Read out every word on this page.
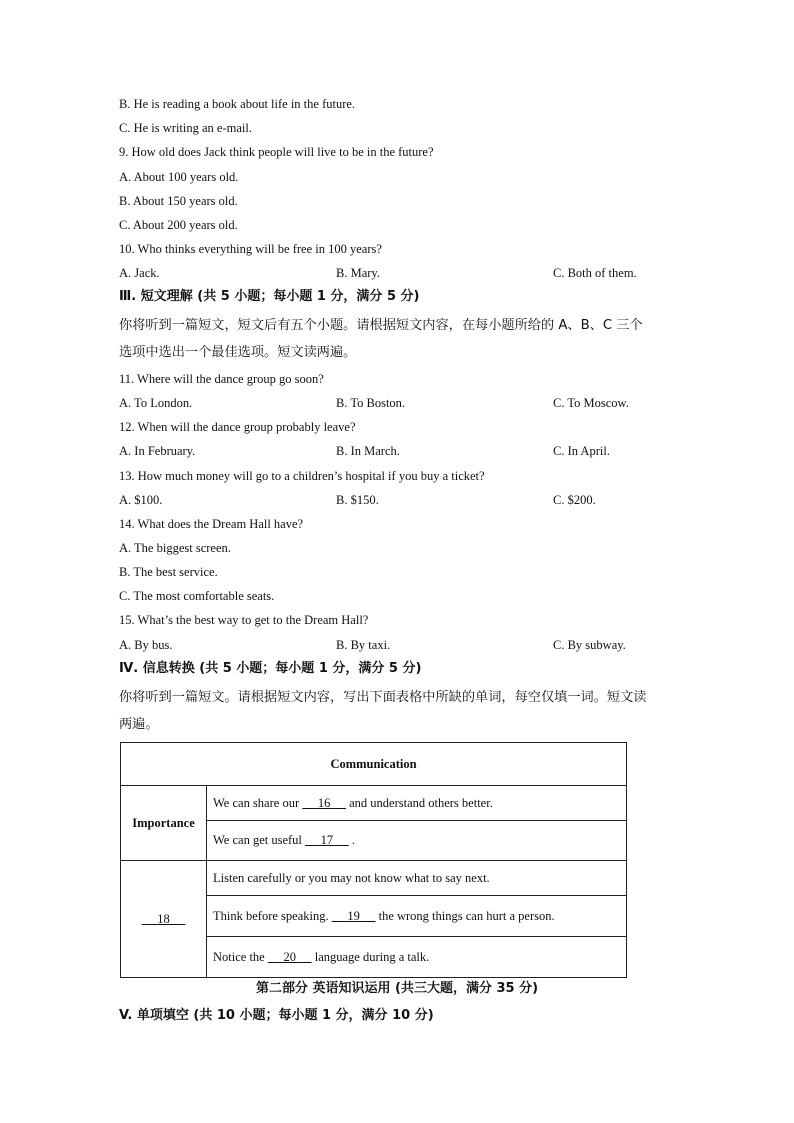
B. He is reading a book about life in the future.
C. He is writing an e-mail.
9. How old does Jack think people will live to be in the future?
A. About 100 years old.
B. About 150 years old.
C. About 200 years old.
10. Who thinks everything will be free in 100 years?
A. Jack.	B. Mary.	C. Both of them.
Ⅲ. 短文理解 (共 5 小题；每小题 1 分，满分 5 分)
你将听到一篇短文，短文后有五个小题。请根据短文内容，在每小题所给的 A、B、C 三个
选项中选出一个最佳选项。短文读两遍。
11. Where will the dance group go soon?
A. To London.	B. To Boston.	C. To Moscow.
12. When will the dance group probably leave?
A. In February.	B. In March.	C. In April.
13. How much money will go to a children’s hospital if you buy a ticket?
A. $100.	B. $150.	C. $200.
14. What does the Dream Hall have?
A. The biggest screen.
B. The best service.
C. The most comfortable seats.
15. What’s the best way to get to the Dream Hall?
A. By bus.	B. By taxi.	C. By subway.
Ⅳ. 信息转换 (共 5 小题；每小题 1 分，满分 5 分)
你将听到一篇短文。请根据短文内容，写出下面表格中所缺的单词，每空仅填一词。短文读
两遍。
Communication	
Importance	We can share our      16      and understand others better.
	We can get useful      17      .
18	Listen carefully or you may not know what to say next.
	Think before speaking.      19      the wrong things can hurt a person.
	Notice the      20      language during a talk.
第二部分 英语知识运用 (共三大题，满分 35 分)
V. 单项填空 (共 10 小题；每小题 1 分，满分 10 分)
